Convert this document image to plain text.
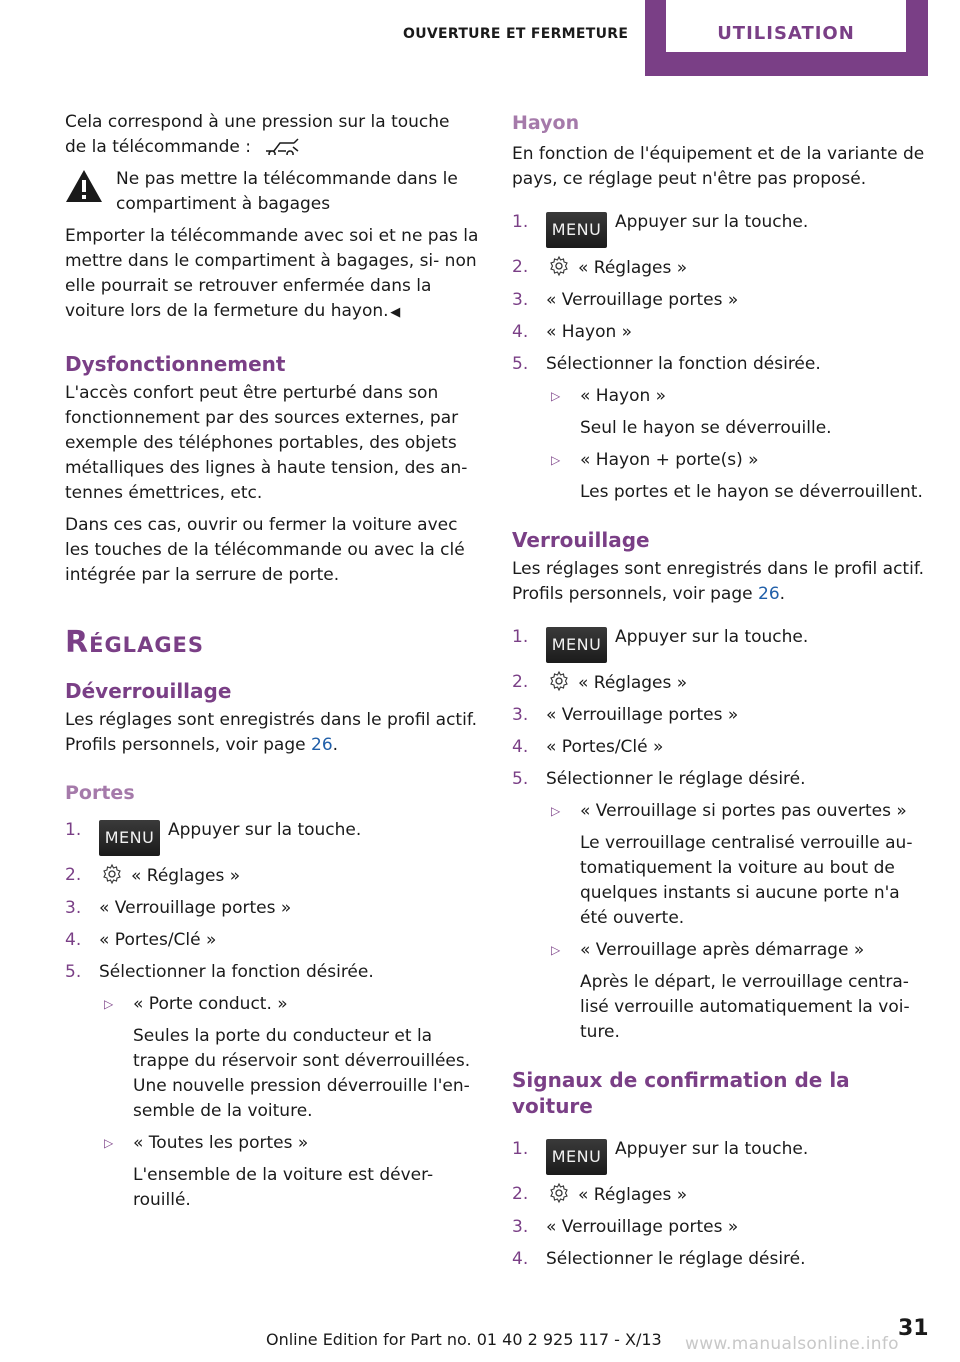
OUVERTURE ET FERMETURE	UTILISATION

Cela correspond à une pression sur la touche
de la télécommande :

Ne pas mettre la télécommande dans le compartiment à bagages

Emporter la télécommande avec soi et ne pas la mettre dans le compartiment à bagages, si- non elle pourrait se retrouver enfermée dans la voiture lors de la fermeture du hayon.  ◀

Dysfonctionnement

L'accès confort peut être perturbé dans son fonctionnement par des sources externes, par exemple des téléphones portables, des objets métalliques des lignes à haute tension, des an- tennes émettrices, etc.

Dans ces cas, ouvrir ou fermer la voiture avec les touches de la télécommande ou avec la clé intégrée par la serrure de porte.

Réglages
Déverrouillage

Les réglages sont enregistrés dans le profil actif. Profils personnels, voir page 26.

Portes
1. MENU Appuyer sur la touche.
2.	« Réglages »
3. « Verrouillage portes »
4. « Portes/Clé »
5. Sélectionner la fonction désirée.
▷ « Porte conduct. »
Seules la porte du conducteur et la trappe du réservoir sont déverrouillées. Une nouvelle pression déverrouille l'en- semble de la voiture.
▷ « Toutes les portes »
L'ensemble de la voiture est déver- rouillé.
Hayon

En fonction de l'équipement et de la variante de pays, ce réglage peut n'être pas proposé.

1. MENU Appuyer sur la touche.
2.	« Réglages »
3. « Verrouillage portes »
4. « Hayon »
5. Sélectionner la fonction désirée.
▷ « Hayon »
Seul le hayon se déverrouille.
▷ « Hayon + porte(s) »
Les portes et le hayon se déverrouillent.
Verrouillage

Les réglages sont enregistrés dans le profil actif. Profils personnels, voir page 26.

1. MENU Appuyer sur la touche.
2.	« Réglages »
3. « Verrouillage portes »
4. « Portes/Clé »
5. Sélectionner le réglage désiré.
▷ « Verrouillage si portes pas ouvertes »
Le verrouillage centralisé verrouille au- tomatiquement la voiture au bout de quelques instants si aucune porte n'a été ouverte.
▷ « Verrouillage après démarrage »
Après le départ, le verrouillage centra- lisé verrouille automatiquement la voi- ture.
Signaux de confirmation de la voiture
1. MENU Appuyer sur la touche.
2.	« Réglages »
3. « Verrouillage portes »
4. Sélectionner le réglage désiré.
Online Edition for Part no. 01 40 2 925 117 - X/13 www.manualsonline.info
31
